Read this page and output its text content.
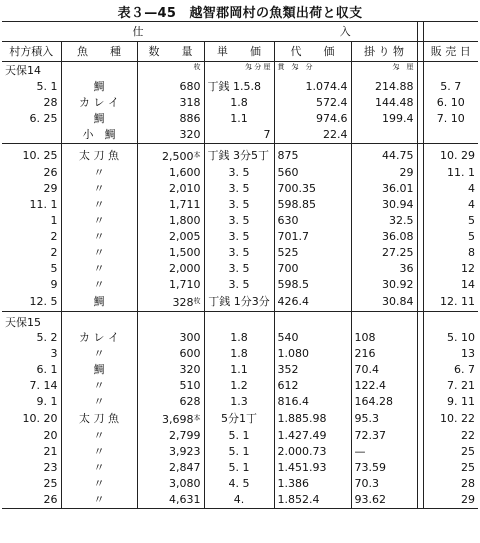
表３—45　越智郡岡村の魚類出荷と収支
仕				入			
村方積入	魚　　種	数　　量	単　　価	代　　価	掛 り 物		販 売 日
天保14		$^枚$	$^{匁 分 厘}$	$^{貫 匁 分}$	$^{匁 厘}$		
5. 1	鯛	680	丁銭 1.5.8	1.074.4	214.88		5. 7
28	カ レ イ	318	1.8	572.4	144.48		6. 10
6. 25	鯛	886	1.1	974.6	199.4		7. 10
	小　鯛	320	7	22.4			

10. 25	太 刀 魚	$2,500^本$	丁銭 3分5丁	875	44.75		10. 29
26	〃	1,600	3. 5	560	29		11. 1
29	〃	2,010	3. 5	700.35	36.01		4
11. 1	〃	1,711	3. 5	598.85	30.94		4
1	〃	1,800	3. 5	630	32.5		5
2	〃	2,005	3. 5	701.7	36.08		5
2	〃	1,500	3. 5	525	27.25		8
5	〃	2,000	3. 5	700	36		12
9	〃	1,710	3. 5	598.5	30.92		14
12. 5	鯛	$328^枚$	丁銭 1分3分	426.4	30.84		12. 11

天保15							
5. 2	カ レ イ	300	1.8	540	108		5. 10
3	〃	600	1.8	1.080	216		13
6. 1	鯛	320	1.1	352	70.4		6. 7
7. 14	〃	510	1.2	612	122.4		7. 21
9. 1	〃	628	1.3	816.4	164.28		9. 11
10. 20	太 刀 魚	$3,698^本$	5分1丁	1.885.98	95.3		10. 22
20	〃	2,799	5. 1	1.427.49	72.37		22
21	〃	3,923	5. 1	2.000.73	—		25
23	〃	2,847	5. 1	1.451.93	73.59		25
25	〃	3,080	4. 5	1.386	70.3		28
26	〃	4,631	4.	1.852.4	93.62		29
